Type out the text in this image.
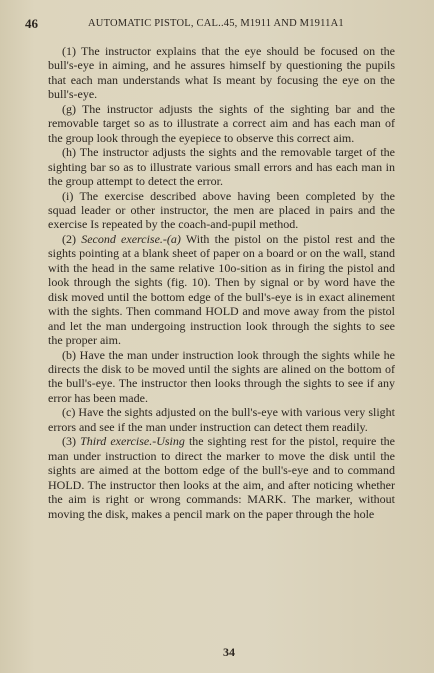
46	AUTOMATIC PISTOL, CAL..45, M1911 AND M1911A1

(1) The instructor explains that the eye should be focused on the bull's-eye in aiming, and he assures himself by questioning the pupils that each man understands what Is meant by focusing the eye on the bull's-eye.

(g) The instructor adjusts the sights of the sighting bar and the removable target so as to illustrate a correct aim and has each man of the group look through the eyepiece to observe this correct aim.

(h) The instructor adjusts the sights and the removable target of the sighting bar so as to illustrate various small errors and has each man in the group attempt to detect the error.

(i) The exercise described above having been completed by the squad leader or other instructor, the men are placed in pairs and the exercise Is repeated by the coach-and-pupil method.

(2) Second exercise.-(a) With the pistol on the pistol rest and the sights pointing at a blank sheet of paper on a board or on the wall, stand with the head in the same relative 10o-sition as in firing the pistol and look through the sights (fig. 10). Then by signal or by word have the disk moved until the bottom edge of the bull's-eye is in exact alinement with the sights. Then command HOLD and move away from the pistol and let the man undergoing instruction look through the sights to see the proper aim.

(b) Have the man under instruction look through the sights while he directs the disk to be moved until the sights are alined on the bottom of the bull's-eye. The instructor then looks through the sights to see if any error has been made.

(c) Have the sights adjusted on the bull's-eye with various very slight errors and see if the man under instruction can detect them readily.

(3) Third exercise.-Using the sighting rest for the pistol, require the man under instruction to direct the marker to move the disk until the sights are aimed at the bottom edge of the bull's-eye and to command HOLD. The instructor then looks at the aim, and after noticing whether the aim is right or wrong commands: MARK. The marker, without moving the disk, makes a pencil mark on the paper through the hole

34
